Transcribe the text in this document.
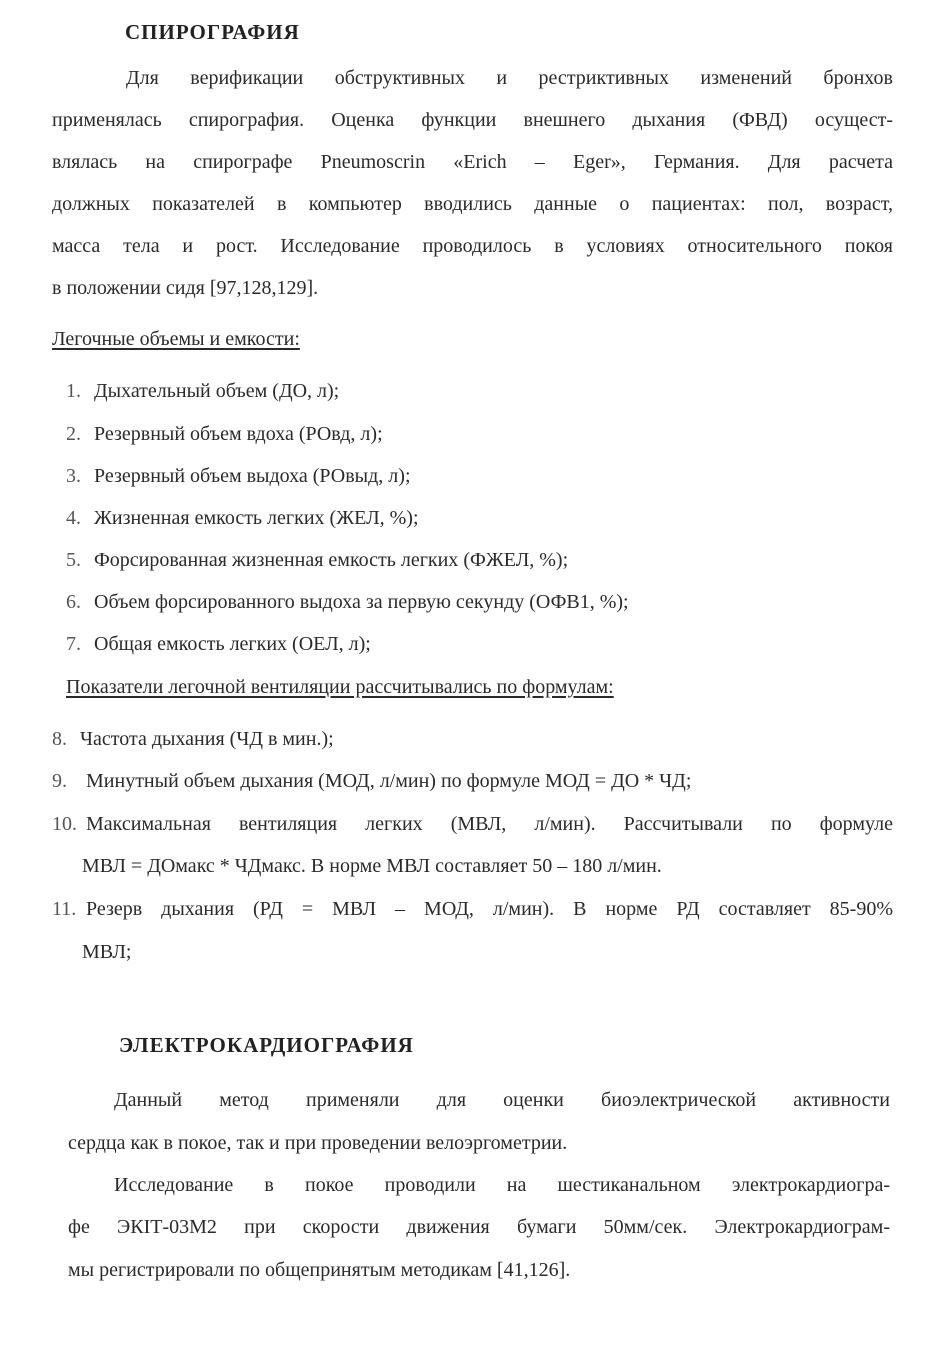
СПИРОГРАФИЯ
Для верификации обструктивных и рестриктивных изменений бронхов
применялась спирография. Оценка функции внешнего дыхания (ФВД) осущест-
влялась на спирографе Pneumoscrin «Erich – Eger», Германия. Для расчета
должных показателей в компьютер вводились данные о пациентах: пол, возраст,
масса тела и рост. Исследование проводилось в условиях относительного покоя
в положении сидя [97,128,129].
Легочные объемы и емкости:
1. Дыхательный объем (ДО, л);
2. Резервный объем вдоха (РОвд, л);
3. Резервный объем выдоха (РОвыд, л);
4. Жизненная емкость легких (ЖЕЛ, %);
5. Форсированная жизненная емкость легких (ФЖЕЛ, %);
6. Объем форсированного выдоха за первую секунду (ОФВ1, %);
7. Общая емкость легких (ОЕЛ, л);
Показатели легочной вентиляции рассчитывались по формулам:
8. Частота дыхания (ЧД в мин.);
9. Минутный объем дыхания (МОД, л/мин) по формуле МОД = ДО * ЧД;
10. Максимальная вентиляция легких (МВЛ, л/мин). Рассчитывали по формуле
МВЛ = ДОмакс * ЧДмакс. В норме МВЛ составляет 50 – 180 л/мин.
11. Резерв дыхания (РД = МВЛ – МОД, л/мин). В норме РД составляет 85-90%
МВЛ;
ЭЛЕКТРОКАРДИОГРАФИЯ
Данный метод применяли для оценки биоэлектрической активности
сердца как в покое, так и при проведении велоэргометрии.
Исследование в покое проводили на шестиканальном электрокардиогра-
фе ЭКIТ-03М2 при скорости движения бумаги 50мм/сек. Электрокардиограм-
мы регистрировали по общепринятым методикам [41,126].
